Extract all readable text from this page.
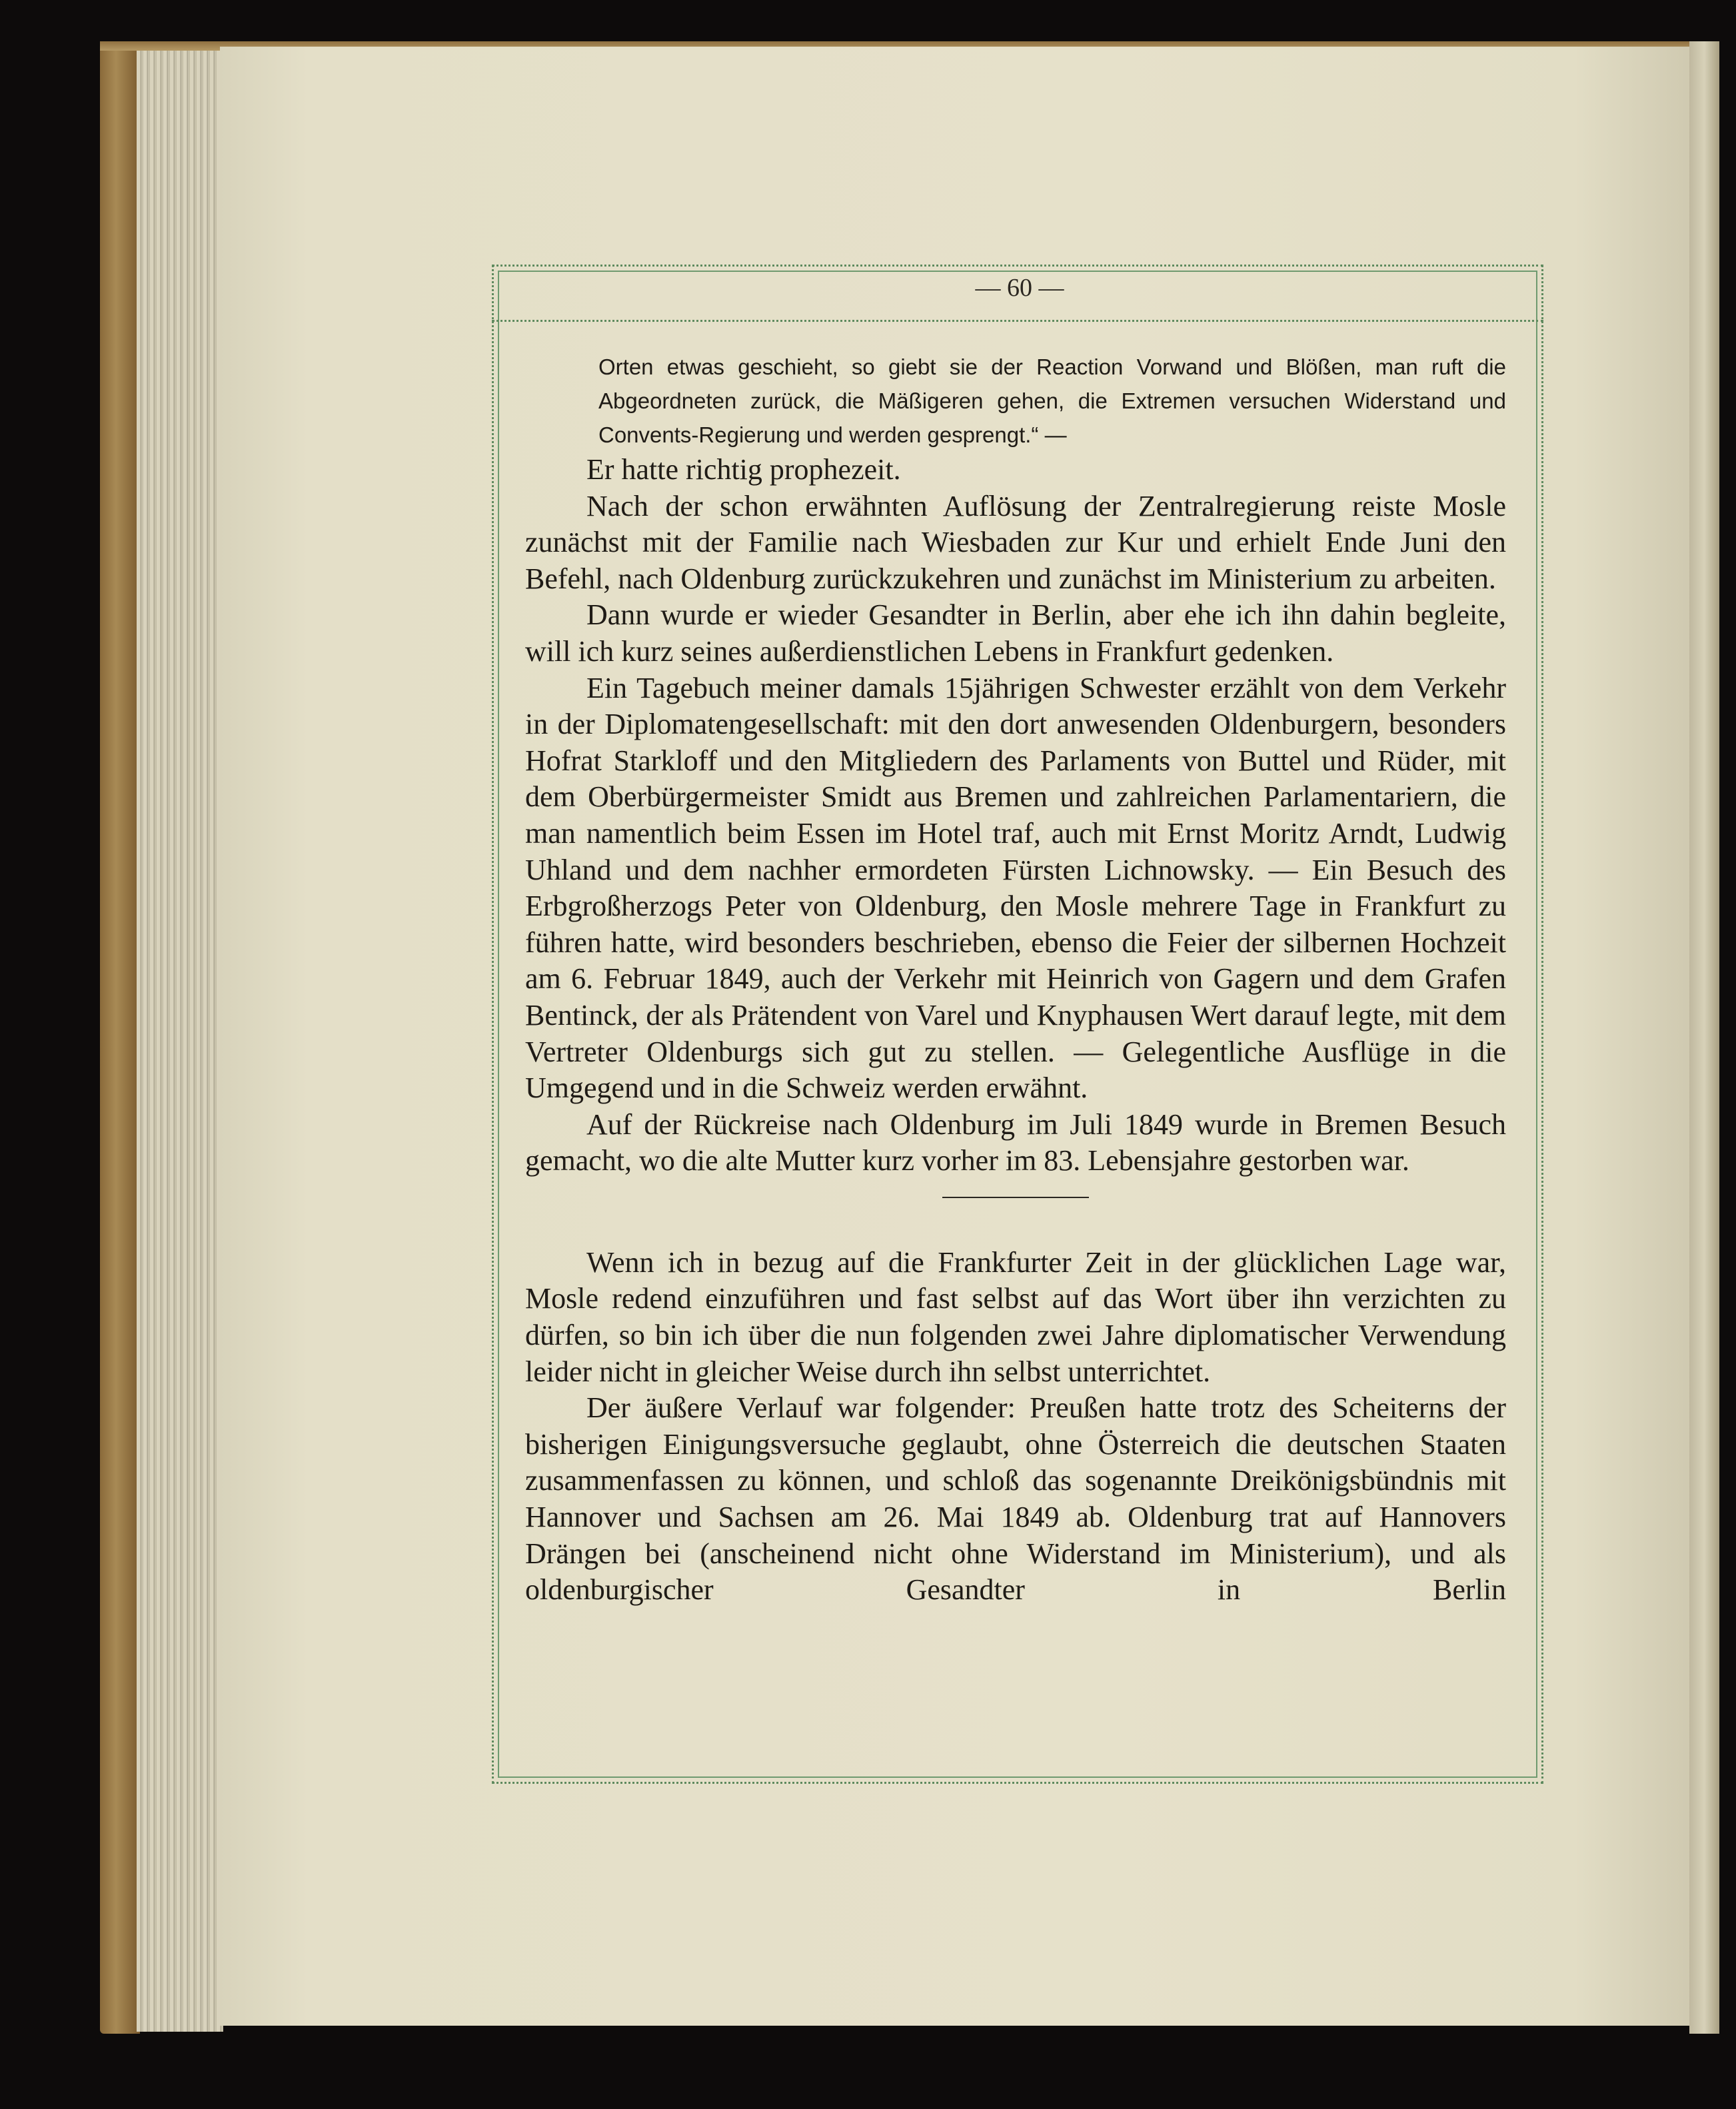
— 60 —
Orten etwas geschieht, so giebt sie der Reaction Vorwand und Blößen, man ruft die Abgeordneten zurück, die Mäßigeren gehen, die Extremen versuchen Widerstand und Convents-Regierung und werden gesprengt.“ —

Er hatte richtig prophezeit.

Nach der schon erwähnten Auflösung der Zentralregierung reiste Mosle zunächst mit der Familie nach Wiesbaden zur Kur und erhielt Ende Juni den Befehl, nach Oldenburg zurückzukehren und zunächst im Ministerium zu arbeiten.

Dann wurde er wieder Gesandter in Berlin, aber ehe ich ihn dahin begleite, will ich kurz seines außerdienstlichen Lebens in Frankfurt gedenken.

Ein Tagebuch meiner damals 15jährigen Schwester erzählt von dem Verkehr in der Diplomatengesellschaft: mit den dort anwesenden Oldenburgern, besonders Hofrat Starkloff und den Mitgliedern des Parlaments von Buttel und Rüder, mit dem Oberbürgermeister Smidt aus Bremen und zahlreichen Parlamentariern, die man namentlich beim Essen im Hotel traf, auch mit Ernst Moritz Arndt, Ludwig Uhland und dem nachher ermordeten Fürsten Lichnowsky. — Ein Besuch des Erbgroßherzogs Peter von Oldenburg, den Mosle mehrere Tage in Frankfurt zu führen hatte, wird besonders beschrieben, ebenso die Feier der silbernen Hochzeit am 6. Februar 1849, auch der Verkehr mit Heinrich von Gagern und dem Grafen Bentinck, der als Prätendent von Varel und Knyphausen Wert darauf legte, mit dem Vertreter Oldenburgs sich gut zu stellen. — Gelegentliche Ausflüge in die Umgegend und in die Schweiz werden erwähnt.

Auf der Rückreise nach Oldenburg im Juli 1849 wurde in Bremen Besuch gemacht, wo die alte Mutter kurz vorher im 83. Lebensjahre gestorben war.

Wenn ich in bezug auf die Frankfurter Zeit in der glücklichen Lage war, Mosle redend einzuführen und fast selbst auf das Wort über ihn verzichten zu dürfen, so bin ich über die nun folgenden zwei Jahre diplomatischer Verwendung leider nicht in gleicher Weise durch ihn selbst unterrichtet.

Der äußere Verlauf war folgender: Preußen hatte trotz des Scheiterns der bisherigen Einigungsversuche geglaubt, ohne Österreich die deutschen Staaten zusammenfassen zu können, und schloß das sogenannte Dreikönigsbündnis mit Hannover und Sachsen am 26. Mai 1849 ab. Oldenburg trat auf Hannovers Drängen bei (anscheinend nicht ohne Widerstand im Ministerium), und als oldenburgischer Gesandter in Berlin
